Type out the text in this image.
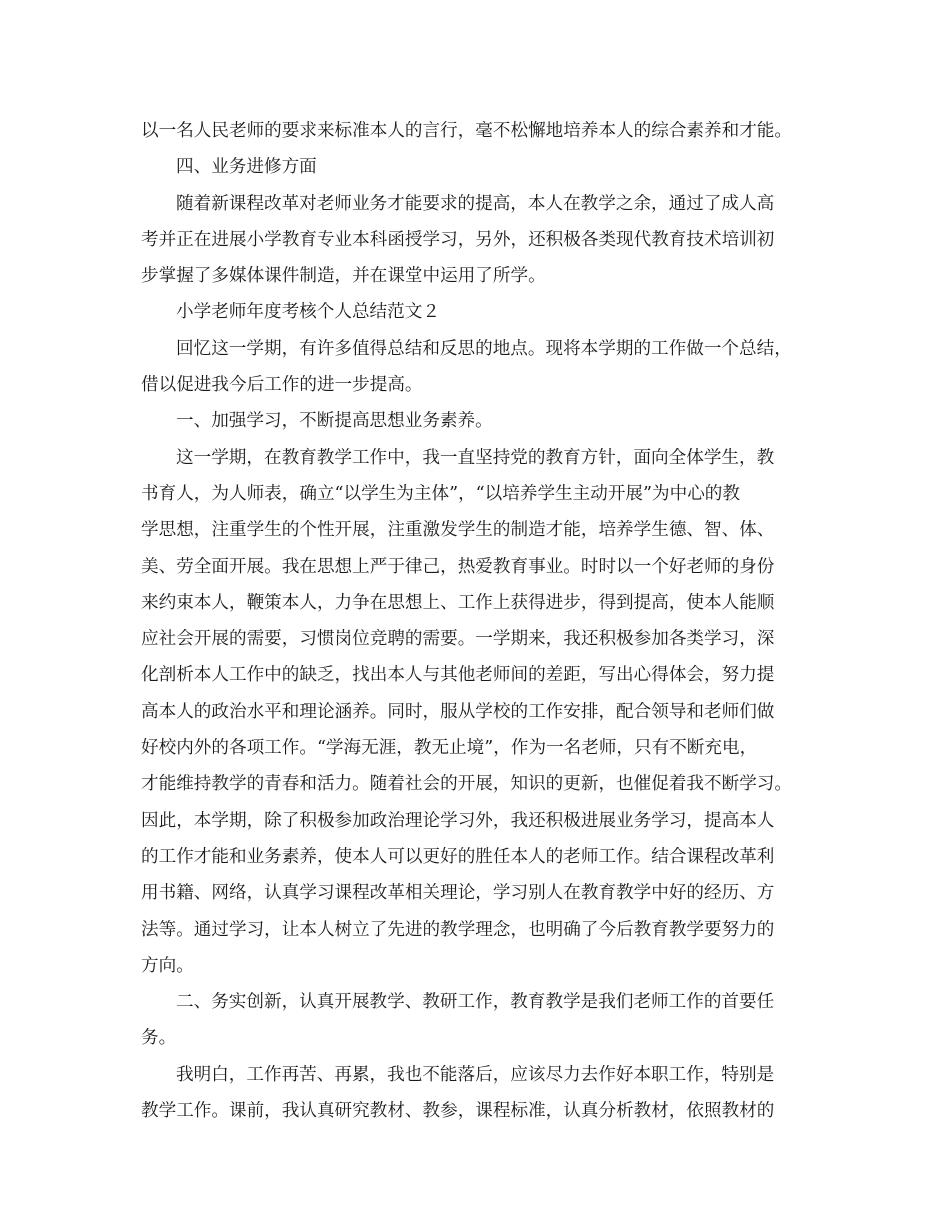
以一名人民老师的要求来标准本人的言行，毫不松懈地培养本人的综合素养和才能。
四、业务进修方面
随着新课程改革对老师业务才能要求的提高，本人在教学之余，通过了成人高
考并正在进展小学教育专业本科函授学习，另外，还积极各类现代教育技术培训初
步掌握了多媒体课件制造，并在课堂中运用了所学。
小学老师年度考核个人总结范文２
回忆这一学期，有许多值得总结和反思的地点。现将本学期的工作做一个总结，
借以促进我今后工作的进一步提高。
一、加强学习，不断提高思想业务素养。
这一学期，在教育教学工作中，我一直坚持党的教育方针，面向全体学生，教
书育人，为人师表，确立“以学生为主体”，“以培养学生主动开展”为中心的教
学思想，注重学生的个性开展，注重激发学生的制造才能，培养学生德、智、体、
美、劳全面开展。我在思想上严于律己，热爱教育事业。时时以一个好老师的身份
来约束本人，鞭策本人，力争在思想上、工作上获得进步，得到提高，使本人能顺
应社会开展的需要，习惯岗位竞聘的需要。一学期来，我还积极参加各类学习，深
化剖析本人工作中的缺乏，找出本人与其他老师间的差距，写出心得体会，努力提
高本人的政治水平和理论涵养。同时，服从学校的工作安排，配合领导和老师们做
好校内外的各项工作。“学海无涯，教无止境”，作为一名老师，只有不断充电，
才能维持教学的青春和活力。随着社会的开展，知识的更新，也催促着我不断学习。
因此，本学期，除了积极参加政治理论学习外，我还积极进展业务学习，提高本人
的工作才能和业务素养，使本人可以更好的胜任本人的老师工作。结合课程改革利
用书籍、网络，认真学习课程改革相关理论，学习别人在教育教学中好的经历、方
法等。通过学习，让本人树立了先进的教学理念，也明确了今后教育教学要努力的
方向。
二、务实创新，认真开展教学、教研工作，教育教学是我们老师工作的首要任
务。
我明白，工作再苦、再累，我也不能落后，应该尽力去作好本职工作，特别是
教学工作。课前，我认真研究教材、教参，课程标准，认真分析教材，依照教材的
